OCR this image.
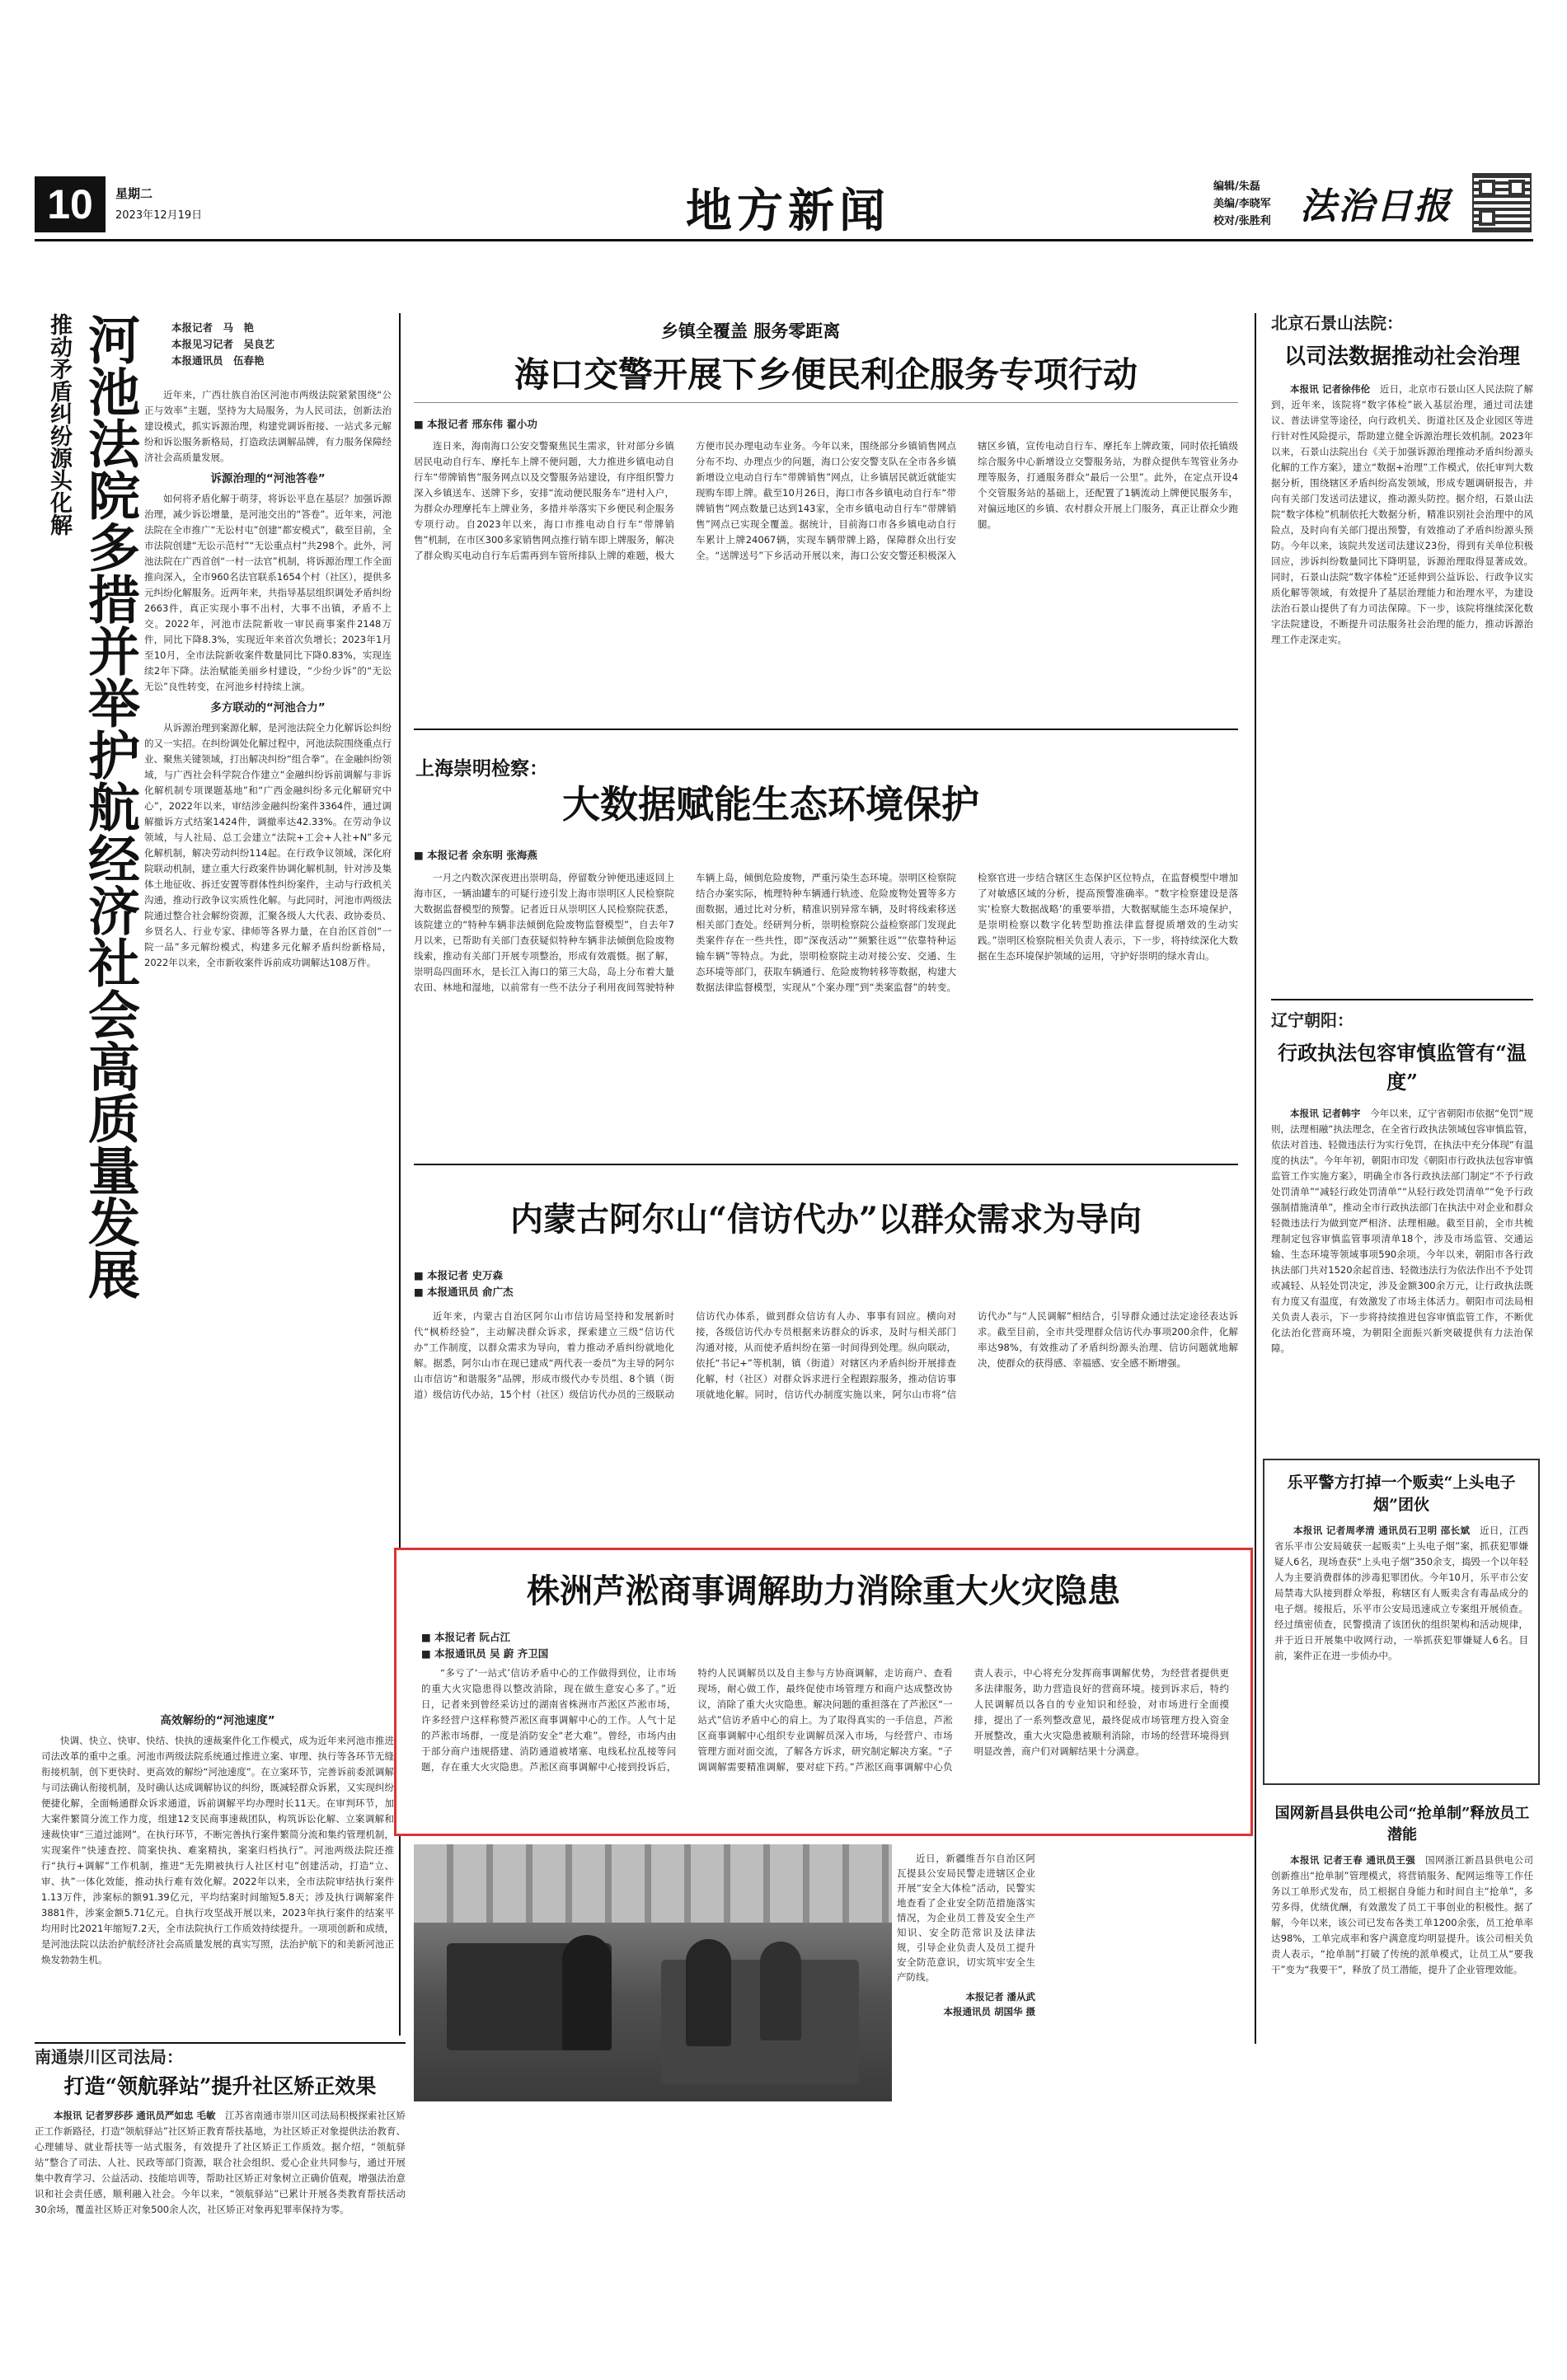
10	星期二
2023年12月19日	地方新闻	编辑/朱磊
美编/李晓军
校对/张胜利 法治日报
推动矛盾纠纷源头化解 河池法院多措并举护航经济社会高质量发展	本报记者　马　艳
本报见习记者　吴良艺
本报通讯员　伍春艳

近年来，广西壮族自治区河池市两级法院紧紧围绕“公正与效率”主题，坚持为大局服务，为人民司法，创新法治建设模式，抓实诉源治理，构建党调诉衔接、一站式多元解纷和诉讼服务新格局，打造政法调解品牌，有力服务保障经济社会高质量发展。

诉源治理的“河池答卷”

如何将矛盾化解于萌芽，将诉讼平息在基层？加强诉源治理，减少诉讼增量，是河池交出的“答卷”。近年来，河池法院在全市推广“无讼村屯”创建“都安模式”，截至目前，全市法院创建“无讼示范村”“无讼重点村”共298个。此外，河池法院在广西首创“一村一法官”机制，将诉源治理工作全面推向深入，全市960名法官联系1654个村（社区），提供多元纠纷化解服务。近两年来，共指导基层组织调处矛盾纠纷2663件，真正实现小事不出村，大事不出镇，矛盾不上交。2022年，河池市法院新收一审民商事案件2148万件，同比下降8.3%，实现近年来首次负增长；2023年1月至10月，全市法院新收案件数量同比下降0.83%，实现连续2年下降。法治赋能美丽乡村建设，“少纷少诉”的“无讼无讼”良性转变，在河池乡村持续上演。

多方联动的“河池合力”

从诉源治理到案源化解，是河池法院全力化解诉讼纠纷的又一实招。在纠纷调处化解过程中，河池法院围绕重点行业、聚焦关键领域，打出解决纠纷“组合拳”。在金融纠纷领域，与广西社会科学院合作建立“金融纠纷诉前调解与非诉化解机制专项课题基地”和“广西金融纠纷多元化解研究中心”，2022年以来，审结涉金融纠纷案件3364件，通过调解撤诉方式结案1424件，调撤率达42.33%。在劳动争议领域，与人社局、总工会建立“法院+工会+人社+N”多元化解机制，解决劳动纠纷114起。在行政争议领域，深化府院联动机制，建立重大行政案件协调化解机制，针对涉及集体土地征收、拆迁安置等群体性纠纷案件，主动与行政机关沟通，推动行政争议实质性化解。与此同时，河池市两级法院通过整合社会解纷资源，汇聚各级人大代表、政协委员、乡贤名人、行业专家、律师等各界力量，在自治区首创“一院一品”多元解纷模式，构建多元化解矛盾纠纷新格局，2022年以来，全市新收案件诉前成功调解达108万件。

高效解纷的“河池速度”

快调、快立、快审、快结、快执的速裁案件化工作模式，成为近年来河池市推进司法改革的重中之重。河池市两级法院系统通过推进立案、审理、执行等各环节无缝衔接机制，创下更快时、更高效的解纷“河池速度”。在立案环节，完善诉前委派调解与司法确认衔接机制，及时确认达成调解协议的纠纷，既减轻群众诉累，又实现纠纷便捷化解，全面畅通群众诉求通道，诉前调解平均办理时长11天。在审判环节，加大案件繁简分流工作力度，组建12支民商事速裁团队，构筑诉讼化解、立案调解和速裁快审“三道过滤网”。在执行环节，不断完善执行案件繁简分流和集约管理机制，实现案件“快速查控、简案快执、难案精执，案案归档执行”。河池两级法院还推行“执行+调解”工作机制，推进“无先期被执行人社区村屯”创建活动，打造“立、审、执”一体化效能，推动执行难有效化解。2022年以来，全市法院审结执行案件1.13万件，涉案标的额91.39亿元，平均结案时间缩短5.8天；涉及执行调解案件3881件，涉案金额5.71亿元。自执行攻坚战开展以来，2023年执行案件的结案平均用时比2021年缩短7.2天，全市法院执行工作质效持续提升。一项项创新和成绩，是河池法院以法治护航经济社会高质量发展的真实写照，法治护航下的和美新河池正焕发勃勃生机。

乡镇全覆盖 服务零距离
海口交警开展下乡便民利企服务专项行动
■ 本报记者 邢东伟 翟小功

连日来，海南海口公安交警聚焦民生需求，针对部分乡镇居民电动自行车、摩托车上牌不便问题，大力推进乡镇电动自行车“带牌销售”服务网点以及交警服务站建设，有序组织警力深入乡镇送车、送牌下乡，安排“流动便民服务车”进村入户，为群众办理摩托车上牌业务，多措并举落实下乡便民利企服务专项行动。自2023年以来，海口市推电动自行车“带牌销售”机制，在市区300多家销售网点推行销车即上牌服务，解决了群众购买电动自行车后需再到车管所排队上牌的难题，极大方便市民办理电动车业务。今年以来，围绕部分乡镇销售网点分布不均、办理点少的问题，海口公安交警支队在全市各乡镇新增设立电动自行车“带牌销售”网点，让乡镇居民就近就能实现购车即上牌。截至10月26日，海口市各乡镇电动自行车“带牌销售”网点数量已达到143家，全市乡镇电动自行车“带牌销售”网点已实现全覆盖。据统计，目前海口市各乡镇电动自行车累计上牌24067辆，实现车辆带牌上路，保障群众出行安全。“送牌送号”下乡活动开展以来，海口公安交警还积极深入辖区乡镇，宣传电动自行车、摩托车上牌政策，同时依托镇级综合服务中心新增设立交警服务站，为群众提供车驾管业务办理等服务，打通服务群众“最后一公里”。此外，在定点开设4个交管服务站的基础上，还配置了1辆流动上牌便民服务车，对偏远地区的乡镇、农村群众开展上门服务，真正让群众少跑腿。

上海崇明检察：
大数据赋能生态环境保护
■ 本报记者 余东明 张海燕

一月之内数次深夜进出崇明岛，停留数分钟便迅速返回上海市区，一辆油罐车的可疑行迹引发上海市崇明区人民检察院大数据监督模型的预警。记者近日从崇明区人民检察院获悉，该院建立的“特种车辆非法倾倒危险废物监督模型”，自去年7月以来，已帮助有关部门查获疑似特种车辆非法倾倒危险废物线索，推动有关部门开展专项整治，形成有效震慑。据了解，崇明岛四面环水，是长江入海口的第三大岛，岛上分布着大量农田、林地和湿地，以前常有一些不法分子利用夜间驾驶特种车辆上岛，倾倒危险废物，严重污染生态环境。崇明区检察院结合办案实际，梳理特种车辆通行轨迹、危险废物处置等多方面数据，通过比对分析，精准识别异常车辆，及时将线索移送相关部门查处。经研判分析，崇明检察院公益检察部门发现此类案件存在一些共性，即“深夜活动”“频繁往返”“依靠特种运输车辆”等特点。为此，崇明检察院主动对接公安、交通、生态环境等部门，获取车辆通行、危险废物转移等数据，构建大数据法律监督模型，实现从“个案办理”到“类案监督”的转变。检察官进一步结合辖区生态保护区位特点，在监督模型中增加了对敏感区域的分析，提高预警准确率。“数字检察建设是落实‘检察大数据战略’的重要举措，大数据赋能生态环境保护，是崇明检察以数字化转型助推法律监督提质增效的生动实践。”崇明区检察院相关负责人表示，下一步，将持续深化大数据在生态环境保护领域的运用，守护好崇明的绿水青山。

内蒙古阿尔山“信访代办”以群众需求为导向
■ 本报记者 史万森
■ 本报通讯员 俞广杰

近年来，内蒙古自治区阿尔山市信访局坚持和发展新时代“枫桥经验”，主动解决群众诉求，探索建立三级“信访代办”工作制度，以群众需求为导向，着力推动矛盾纠纷就地化解。据悉，阿尔山市在现已建成“两代表一委员”为主导的阿尔山市信访“和谐服务”品牌，形成市级代办专员组、8个镇（街道）级信访代办站，15个村（社区）级信访代办员的三级联动信访代办体系，做到群众信访有人办、事事有回应。横向对接，各级信访代办专员根据来访群众的诉求，及时与相关部门沟通对接，从而使矛盾纠纷在第一时间得到处理。纵向联动，依托“书记+”等机制，镇（街道）对辖区内矛盾纠纷开展排查化解，村（社区）对群众诉求进行全程跟踪服务，推动信访事项就地化解。同时，信访代办制度实施以来，阿尔山市将“信访代办”与“人民调解”相结合，引导群众通过法定途径表达诉求。截至目前，全市共受理群众信访代办事项200余件，化解率达98%，有效推动了矛盾纠纷源头治理、信访问题就地解决，使群众的获得感、幸福感、安全感不断增强。

株洲芦淞商事调解助力消除重大火灾隐患
■ 本报记者 阮占江
■ 本报通讯员 吴 蔚 齐卫国

“多亏了‘一站式’信访矛盾中心的工作做得到位，让市场的重大火灾隐患得以整改消除，现在做生意安心多了。”近日，记者来到曾经采访过的湖南省株洲市芦淞区芦淞市场，许多经营户这样称赞芦淞区商事调解中心的工作。人气十足的芦淞市场群，一度是消防安全“老大难”。曾经，市场内由于部分商户违规搭建、消防通道被堵塞、电线私拉乱接等问题，存在重大火灾隐患。芦淞区商事调解中心接到投诉后，特约人民调解员以及自主参与方协商调解，走访商户、查看现场，耐心做工作，最终促使市场管理方和商户达成整改协议，消除了重大火灾隐患。解决问题的重担落在了芦淞区“一站式”信访矛盾中心的肩上。为了取得真实的一手信息，芦淞区商事调解中心组织专业调解员深入市场，与经营户、市场管理方面对面交流，了解各方诉求，研究制定解决方案。“子调调解需要精准调解，要对症下药。”芦淞区商事调解中心负责人表示，中心将充分发挥商事调解优势，为经营者提供更多法律服务，助力营造良好的营商环境。接到诉求后，特约人民调解员以各自的专业知识和经验，对市场进行全面摸排，提出了一系列整改意见，最终促成市场管理方投入资金开展整改，重大火灾隐患被顺利消除，市场的经营环境得到明显改善，商户们对调解结果十分满意。

近日，新疆维吾尔自治区阿瓦提县公安局民警走进辖区企业开展“安全大体检”活动，民警实地查看了企业安全防范措施落实情况，为企业员工普及安全生产知识、安全防范常识及法律法规，引导企业负责人及员工提升安全防范意识，切实筑牢安全生产防线。

本报记者 潘从武
本报通讯员 胡国华 摄
北京石景山法院：
以司法数据推动社会治理

本报讯 记者徐伟伦　 近日，北京市石景山区人民法院了解到，近年来，该院将“数字体检”嵌入基层治理，通过司法建议、普法讲堂等途径，向行政机关、街道社区及企业园区等进行针对性风险提示，帮助建立健全诉源治理长效机制。2023年以来，石景山法院出台《关于加强诉源治理推动矛盾纠纷源头化解的工作方案》，建立“数据+治理”工作模式，依托审判大数据分析，围绕辖区矛盾纠纷高发领域，形成专题调研报告，并向有关部门发送司法建议，推动源头防控。据介绍，石景山法院“数字体检”机制依托大数据分析，精准识别社会治理中的风险点，及时向有关部门提出预警，有效推动了矛盾纠纷源头预防。今年以来，该院共发送司法建议23份，得到有关单位积极回应，涉诉纠纷数量同比下降明显，诉源治理取得显著成效。同时，石景山法院“数字体检”还延伸到公益诉讼、行政争议实质化解等领域，有效提升了基层治理能力和治理水平，为建设法治石景山提供了有力司法保障。下一步，该院将继续深化数字法院建设，不断提升司法服务社会治理的能力，推动诉源治理工作走深走实。

辽宁朝阳：
行政执法包容审慎监管有“温度”

本报讯 记者韩宇　 今年以来，辽宁省朝阳市依据“免罚”规则，法理相融“执法理念，在全省行政执法领域包容审慎监管，依法对首违、轻微违法行为实行免罚，在执法中充分体现“有温度的执法”。今年年初，朝阳市印发《朝阳市行政执法包容审慎监管工作实施方案》，明确全市各行政执法部门制定“不予行政处罚清单”“减轻行政处罚清单”“从轻行政处罚清单”“免予行政强制措施清单”，推动全市行政执法部门在执法中对企业和群众轻微违法行为做到宽严相济、法理相融。截至目前，全市共梳理制定包容审慎监管事项清单18个，涉及市场监管、交通运输、生态环境等领域事项590余项。今年以来，朝阳市各行政执法部门共对1520余起首违、轻微违法行为依法作出不予处罚或减轻、从轻处罚决定，涉及金额300余万元，让行政执法既有力度又有温度，有效激发了市场主体活力。朝阳市司法局相关负责人表示，下一步将持续推进包容审慎监管工作，不断优化法治化营商环境，为朝阳全面振兴新突破提供有力法治保障。

乐平警方打掉一个贩卖“上头电子烟”团伙

本报讯 记者周孝清 通讯员石卫明 邵长斌　 近日，江西省乐平市公安局破获一起贩卖“上头电子烟”案，抓获犯罪嫌疑人6名，现场查获“上头电子烟”350余支，捣毁一个以年轻人为主要消费群体的涉毒犯罪团伙。今年10月，乐平市公安局禁毒大队接到群众举报，称辖区有人贩卖含有毒品成分的电子烟。接报后，乐平市公安局迅速成立专案组开展侦查。经过缜密侦查，民警摸清了该团伙的组织架构和活动规律，并于近日开展集中收网行动，一举抓获犯罪嫌疑人6名。目前，案件正在进一步侦办中。

国网新昌县供电公司“抢单制”释放员工潜能

本报讯 记者王春 通讯员王强　 国网浙江新昌县供电公司创新推出“抢单制”管理模式，将营销服务、配网运维等工作任务以工单形式发布，员工根据自身能力和时间自主“抢单”，多劳多得，优绩优酬，有效激发了员工干事创业的积极性。据了解，今年以来，该公司已发布各类工单1200余张，员工抢单率达98%，工单完成率和客户满意度均明显提升。该公司相关负责人表示，“抢单制”打破了传统的派单模式，让员工从“要我干”变为“我要干”，释放了员工潜能，提升了企业管理效能。

南通崇川区司法局：
打造“领航驿站”提升社区矫正效果

本报讯 记者罗莎莎 通讯员严如忠 毛敏　 江苏省南通市崇川区司法局积极探索社区矫正工作新路径，打造“领航驿站”社区矫正教育帮扶基地，为社区矫正对象提供法治教育、心理辅导、就业帮扶等一站式服务，有效提升了社区矫正工作质效。据介绍，“领航驿站”整合了司法、人社、民政等部门资源，联合社会组织、爱心企业共同参与，通过开展集中教育学习、公益活动、技能培训等，帮助社区矫正对象树立正确价值观，增强法治意识和社会责任感，顺利融入社会。今年以来，“领航驿站”已累计开展各类教育帮扶活动30余场，覆盖社区矫正对象500余人次，社区矫正对象再犯罪率保持为零。
